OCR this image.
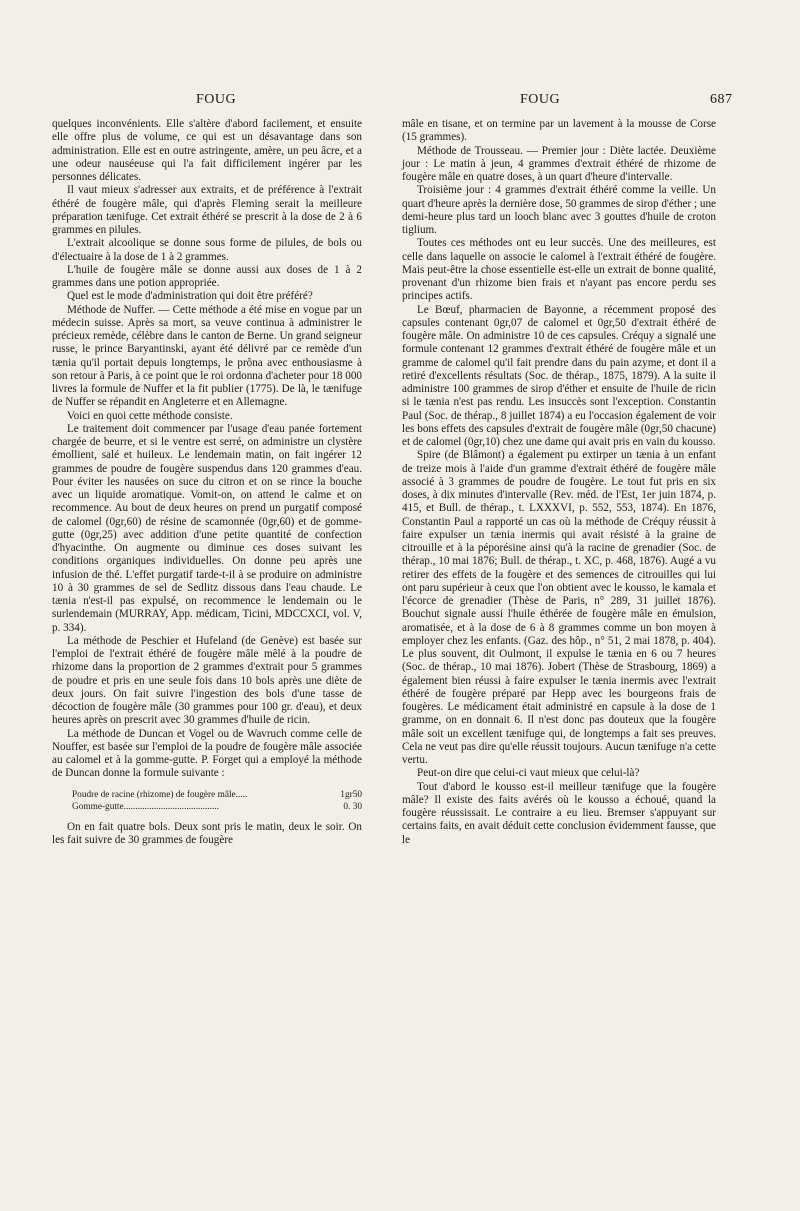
FOUG	FOUG	687

quelques inconvénients. Elle s'altère d'abord facilement, et ensuite elle offre plus de volume, ce qui est un désavantage dans son administration. Elle est en outre astringente, amère, un peu âcre, et a une odeur nauséeuse qui l'a fait difficilement ingérer par les personnes délicates.

Il vaut mieux s'adresser aux extraits, et de préférence à l'extrait éthéré de fougère mâle, qui d'après Fleming serait la meilleure préparation tænifuge. Cet extrait éthéré se prescrit à la dose de 2 à 6 grammes en pilules.

L'extrait alcoolique se donne sous forme de pilules, de bols ou d'électuaire à la dose de 1 à 2 grammes.

L'huile de fougère mâle se donne aussi aux doses de 1 à 2 grammes dans une potion appropriée.

Quel est le mode d'administration qui doit être préféré?

Méthode de Nuffer. — Cette méthode a été mise en vogue par un médecin suisse. Après sa mort, sa veuve continua à administrer le précieux remède, célèbre dans le canton de Berne. Un grand seigneur russe, le prince Baryantinski, ayant été délivré par ce remède d'un tænia qu'il portait depuis longtemps, le prôna avec enthousiasme à son retour à Paris, à ce point que le roi ordonna d'acheter pour 18 000 livres la formule de Nuffer et la fit publier (1775). De là, le tænifuge de Nuffer se répandit en Angleterre et en Allemagne.

Voici en quoi cette méthode consiste.

Le traitement doit commencer par l'usage d'eau panée fortement chargée de beurre, et si le ventre est serré, on administre un clystère émollient, salé et huileux. Le lendemain matin, on fait ingérer 12 grammes de poudre de fougère suspendus dans 120 grammes d'eau. Pour éviter les nausées on suce du citron et on se rince la bouche avec un liquide aromatique. Vomit-on, on attend le calme et on recommence. Au bout de deux heures on prend un purgatif composé de calomel (0gr,60) de résine de scamonnée (0gr,60) et de gomme-gutte (0gr,25) avec addition d'une petite quantité de confection d'hyacinthe. On augmente ou diminue ces doses suivant les conditions organiques individuelles. On donne peu après une infusion de thé. L'effet purgatif tarde-t-il à se produire on administre 10 à 30 grammes de sel de Sedlitz dissous dans l'eau chaude. Le tænia n'est-il pas expulsé, on recommence le lendemain ou le surlendemain (MURRAY, App. médicam, Ticini, MDCCXCI, vol. V, p. 334).

La méthode de Peschier et Hufeland (de Genève) est basée sur l'emploi de l'extrait éthéré de fougère mâle mêlé à la poudre de rhizome dans la proportion de 2 grammes d'extrait pour 5 grammes de poudre et pris en une seule fois dans 10 bols après une diète de deux jours. On fait suivre l'ingestion des bols d'une tasse de décoction de fougère mâle (30 grammes pour 100 gr. d'eau), et deux heures après on prescrit avec 30 grammes d'huile de ricin.

La méthode de Duncan et Vogel ou de Wavruch comme celle de Nouffer, est basée sur l'emploi de la poudre de fougère mâle associée au calomel et à la gomme-gutte. P. Forget qui a employé la méthode de Duncan donne la formule suivante :

Poudre de racine (rhizome) de fougère mâle.....	1gr50
Gomme-gutte.........................................	0. 30

On en fait quatre bols. Deux sont pris le matin, deux le soir. On les fait suivre de 30 grammes de fougère

mâle en tisane, et on termine par un lavement à la mousse de Corse (15 grammes).

Méthode de Trousseau. — Premier jour : Diète lactée. Deuxième jour : Le matin à jeun, 4 grammes d'extrait éthéré de rhizome de fougère mâle en quatre doses, à un quart d'heure d'intervalle.

Troisième jour : 4 grammes d'extrait éthéré comme la veille. Un quart d'heure après la dernière dose, 50 grammes de sirop d'éther ; une demi-heure plus tard un looch blanc avec 3 gouttes d'huile de croton tiglium.

Toutes ces méthodes ont eu leur succès. Une des meilleures, est celle dans laquelle on associe le calomel à l'extrait éthéré de fougère. Mais peut-être la chose essentielle est-elle un extrait de bonne qualité, provenant d'un rhizome bien frais et n'ayant pas encore perdu ses principes actifs.

Le Bœuf, pharmacien de Bayonne, a récemment proposé des capsules contenant 0gr,07 de calomel et 0gr,50 d'extrait éthéré de fougère mâle. On administre 10 de ces capsules. Créquy a signalé une formule contenant 12 grammes d'extrait éthéré de fougère mâle et un gramme de calomel qu'il fait prendre dans du pain azyme, et dont il a retiré d'excellents résultats (Soc. de thérap., 1875, 1879). A la suite il administre 100 grammes de sirop d'éther et ensuite de l'huile de ricin si le tænia n'est pas rendu. Les insuccès sont l'exception. Constantin Paul (Soc. de thérap., 8 juillet 1874) a eu l'occasion également de voir les bons effets des capsules d'extrait de fougère mâle (0gr,50 chacune) et de calomel (0gr,10) chez une dame qui avait pris en vain du kousso.

Spire (de Blâmont) a également pu extirper un tænia à un enfant de treize mois à l'aide d'un gramme d'extrait éthéré de fougère mâle associé à 3 grammes de poudre de fougère. Le tout fut pris en six doses, à dix minutes d'intervalle (Rev. méd. de l'Est, 1er juin 1874, p. 415, et Bull. de thérap., t. LXXXVI, p. 552, 553, 1874). En 1876, Constantin Paul a rapporté un cas où la méthode de Créquy réussit à faire expulser un tænia inermis qui avait résisté à la graine de citrouille et à la péporésine ainsi qu'à la racine de grenadier (Soc. de thérap., 10 mai 1876; Bull. de thérap., t. XC, p. 468, 1876). Augé a vu retirer des effets de la fougère et des semences de citrouilles qui lui ont paru supérieur à ceux que l'on obtient avec le kousso, le kamala et l'écorce de grenadier (Thèse de Paris, n° 289, 31 juillet 1876). Bouchut signale aussi l'huile éthérée de fougère mâle en émulsion, aromatisée, et à la dose de 6 à 8 grammes comme un bon moyen à employer chez les enfants. (Gaz. des hôp., n° 51, 2 mai 1878, p. 404). Le plus souvent, dit Oulmont, il expulse le tænia en 6 ou 7 heures (Soc. de thérap., 10 mai 1876). Jobert (Thèse de Strasbourg, 1869) a également bien réussi à faire expulser le tænia inermis avec l'extrait éthéré de fougère préparé par Hepp avec les bourgeons frais de fougères. Le médicament était administré en capsule à la dose de 1 gramme, on en donnait 6. Il n'est donc pas douteux que la fougère mâle soit un excellent tænifuge qui, de longtemps a fait ses preuves. Cela ne veut pas dire qu'elle réussit toujours. Aucun tænifuge n'a cette vertu.

Peut-on dire que celui-ci vaut mieux que celui-là?

Tout d'abord le kousso est-il meilleur tænifuge que la fougère mâle? Il existe des faits avérés où le kousso a échoué, quand la fougère réussissait. Le contraire a eu lieu. Bremser s'appuyant sur certains faits, en avait déduit cette conclusion évidemment fausse, que le
